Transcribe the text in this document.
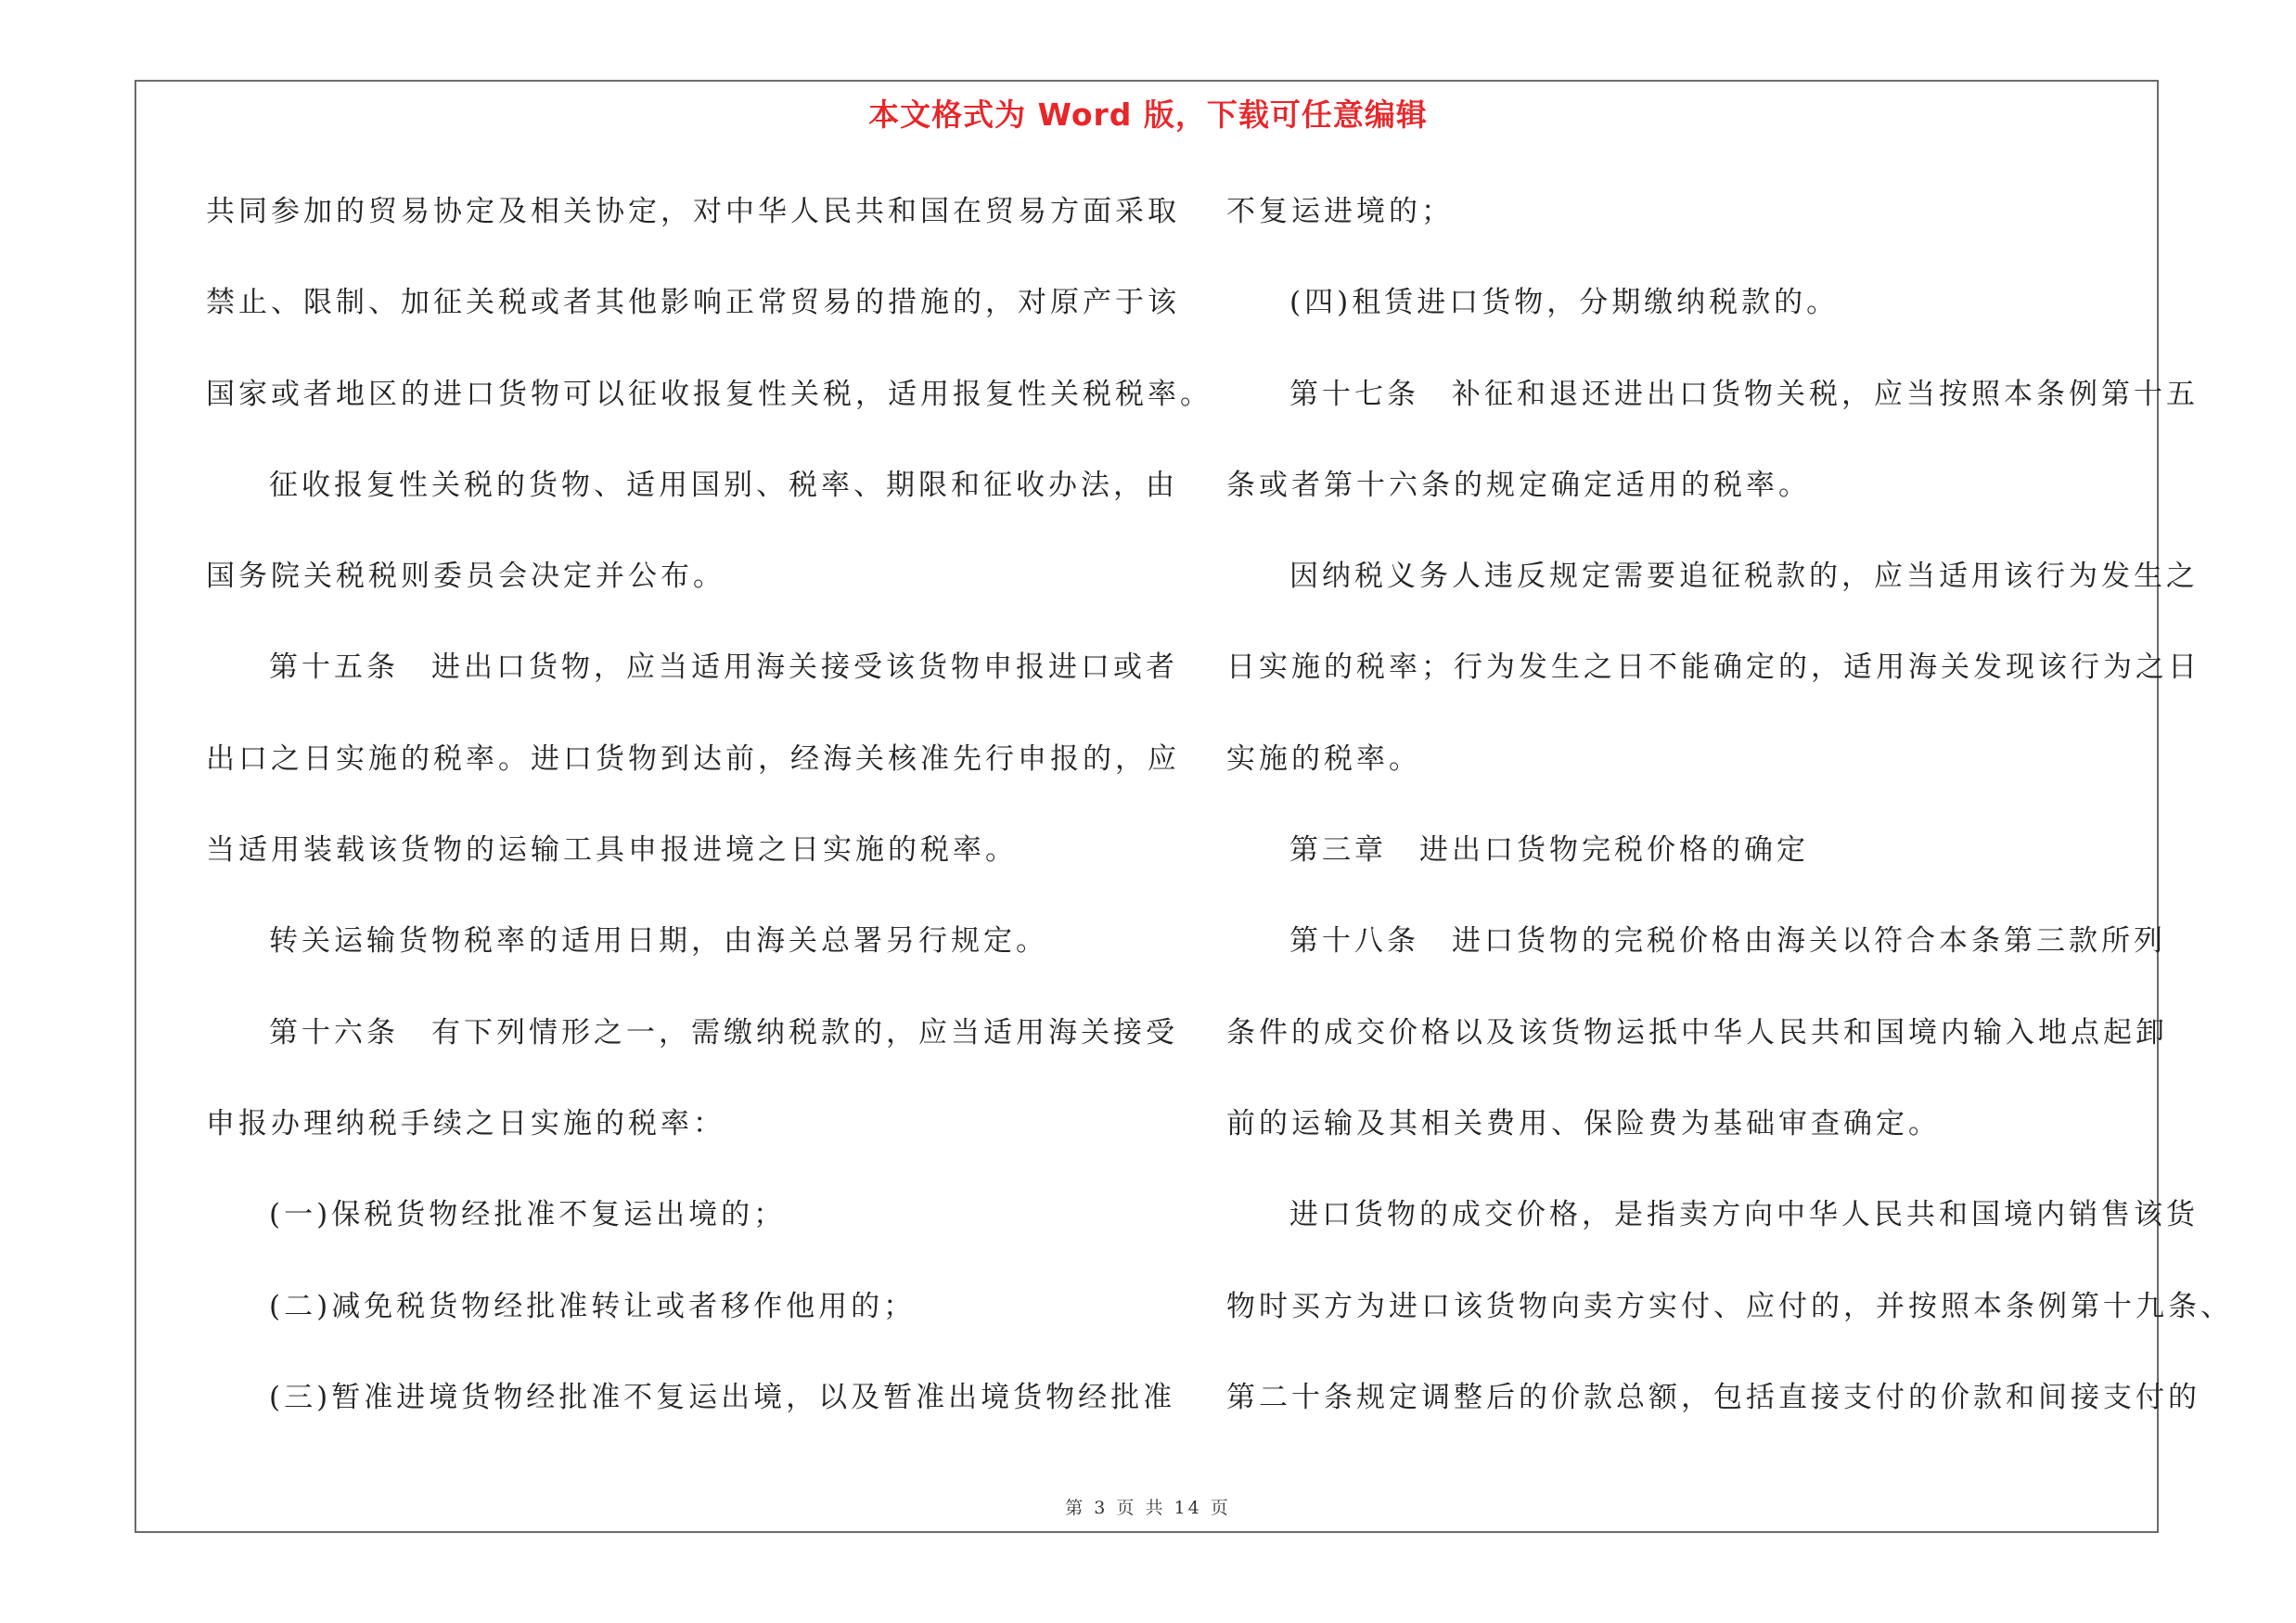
本文格式为 Word 版，下载可任意编辑
共同参加的贸易协定及相关协定，对中华人民共和国在贸易方面采取
禁止、限制、加征关税或者其他影响正常贸易的措施的，对原产于该
国家或者地区的进口货物可以征收报复性关税，适用报复性关税税率。
征收报复性关税的货物、适用国别、税率、期限和征收办法，由
国务院关税税则委员会决定并公布。
第十五条　进出口货物，应当适用海关接受该货物申报进口或者
出口之日实施的税率。进口货物到达前，经海关核准先行申报的，应
当适用装载该货物的运输工具申报进境之日实施的税率。
转关运输货物税率的适用日期，由海关总署另行规定。
第十六条　有下列情形之一，需缴纳税款的，应当适用海关接受
申报办理纳税手续之日实施的税率：
(一)保税货物经批准不复运出境的；
(二)减免税货物经批准转让或者移作他用的；
(三)暂准进境货物经批准不复运出境，以及暂准出境货物经批准
不复运进境的；
(四)租赁进口货物，分期缴纳税款的。
第十七条　补征和退还进出口货物关税，应当按照本条例第十五
条或者第十六条的规定确定适用的税率。
因纳税义务人违反规定需要追征税款的，应当适用该行为发生之
日实施的税率；行为发生之日不能确定的，适用海关发现该行为之日
实施的税率。
第三章　进出口货物完税价格的确定
第十八条　进口货物的完税价格由海关以符合本条第三款所列
条件的成交价格以及该货物运抵中华人民共和国境内输入地点起卸
前的运输及其相关费用、保险费为基础审查确定。
进口货物的成交价格，是指卖方向中华人民共和国境内销售该货
物时买方为进口该货物向卖方实付、应付的，并按照本条例第十九条、
第二十条规定调整后的价款总额，包括直接支付的价款和间接支付的
第 3 页 共 14 页
